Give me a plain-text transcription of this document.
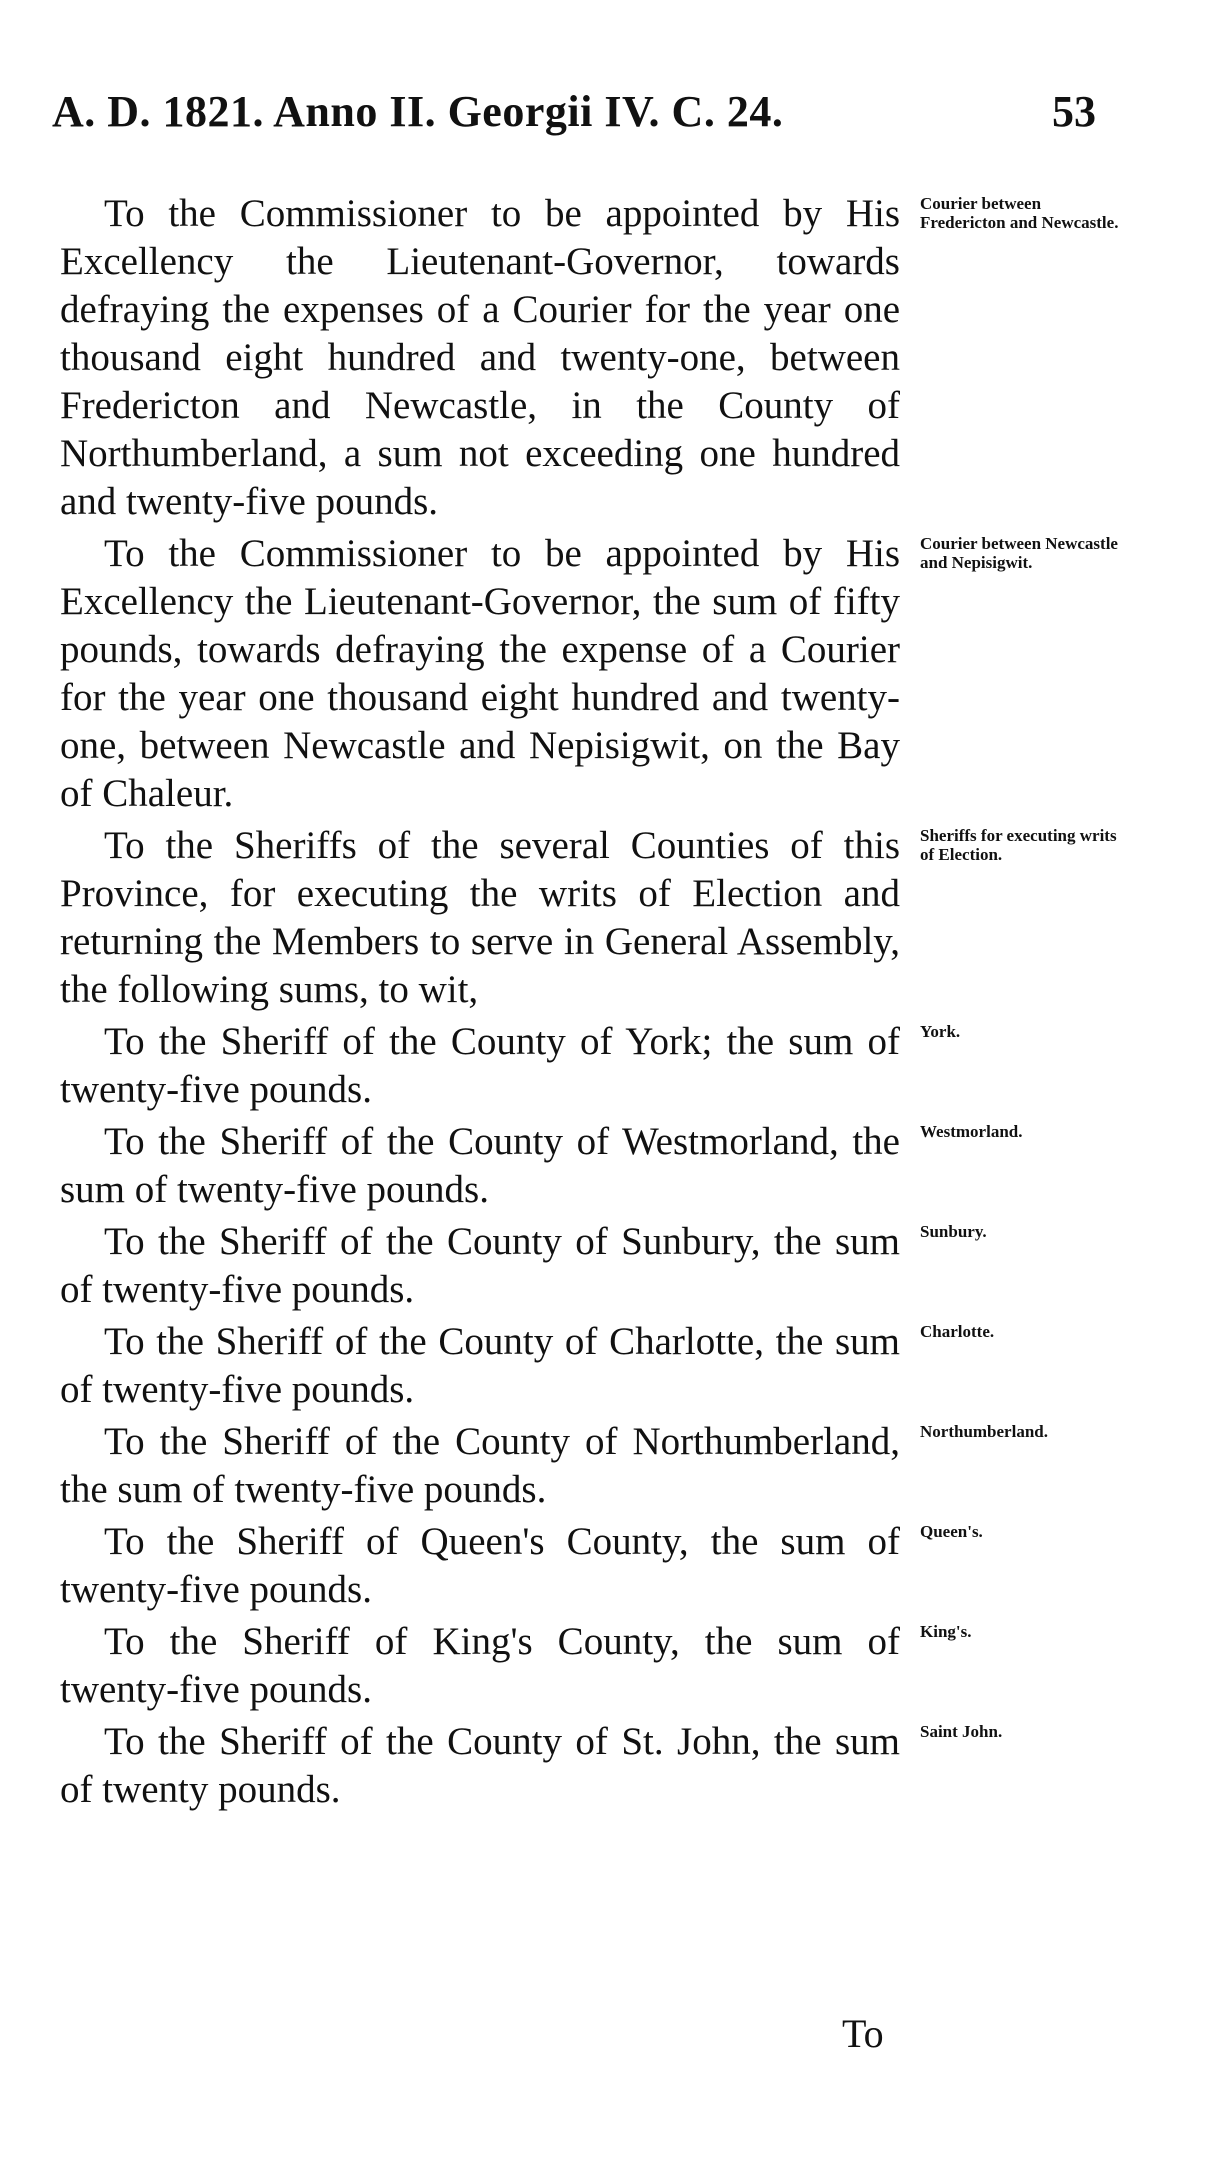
A. D. 1821. Anno II. Georgii IV. C. 24.	53

To the Commissioner to be appointed by His Excellency the Lieutenant-Governor, towards defraying the expenses of a Courier for the year one thousand eight hundred and twenty-one, between Fredericton and Newcastle, in the County of Northumberland, a sum not exceeding one hundred and twenty-five pounds.
Courier between Fredericton and Newcastle.

To the Commissioner to be appointed by His Excellency the Lieutenant-Governor, the sum of fifty pounds, towards defraying the expense of a Courier for the year one thousand eight hundred and twenty-one, between Newcastle and Nepisigwit, on the Bay of Chaleur.
Courier between Newcastle and Nepisigwit.

To the Sheriffs of the several Counties of this Province, for executing the writs of Election and returning the Members to serve in General Assembly, the following sums, to wit,
Sheriffs for executing writs of Election.

To the Sheriff of the County of York; the sum of twenty-five pounds.
York.

To the Sheriff of the County of Westmorland, the sum of twenty-five pounds.
Westmorland.

To the Sheriff of the County of Sunbury, the sum of twenty-five pounds.
Sunbury.

To the Sheriff of the County of Charlotte, the sum of twenty-five pounds.
Charlotte.

To the Sheriff of the County of Northumberland, the sum of twenty-five pounds.
Northumberland.

To the Sheriff of Queen's County, the sum of twenty-five pounds.
Queen's.

To the Sheriff of King's County, the sum of twenty-five pounds.
King's.

To the Sheriff of the County of St. John, the sum of twenty pounds.
Saint John.

To
